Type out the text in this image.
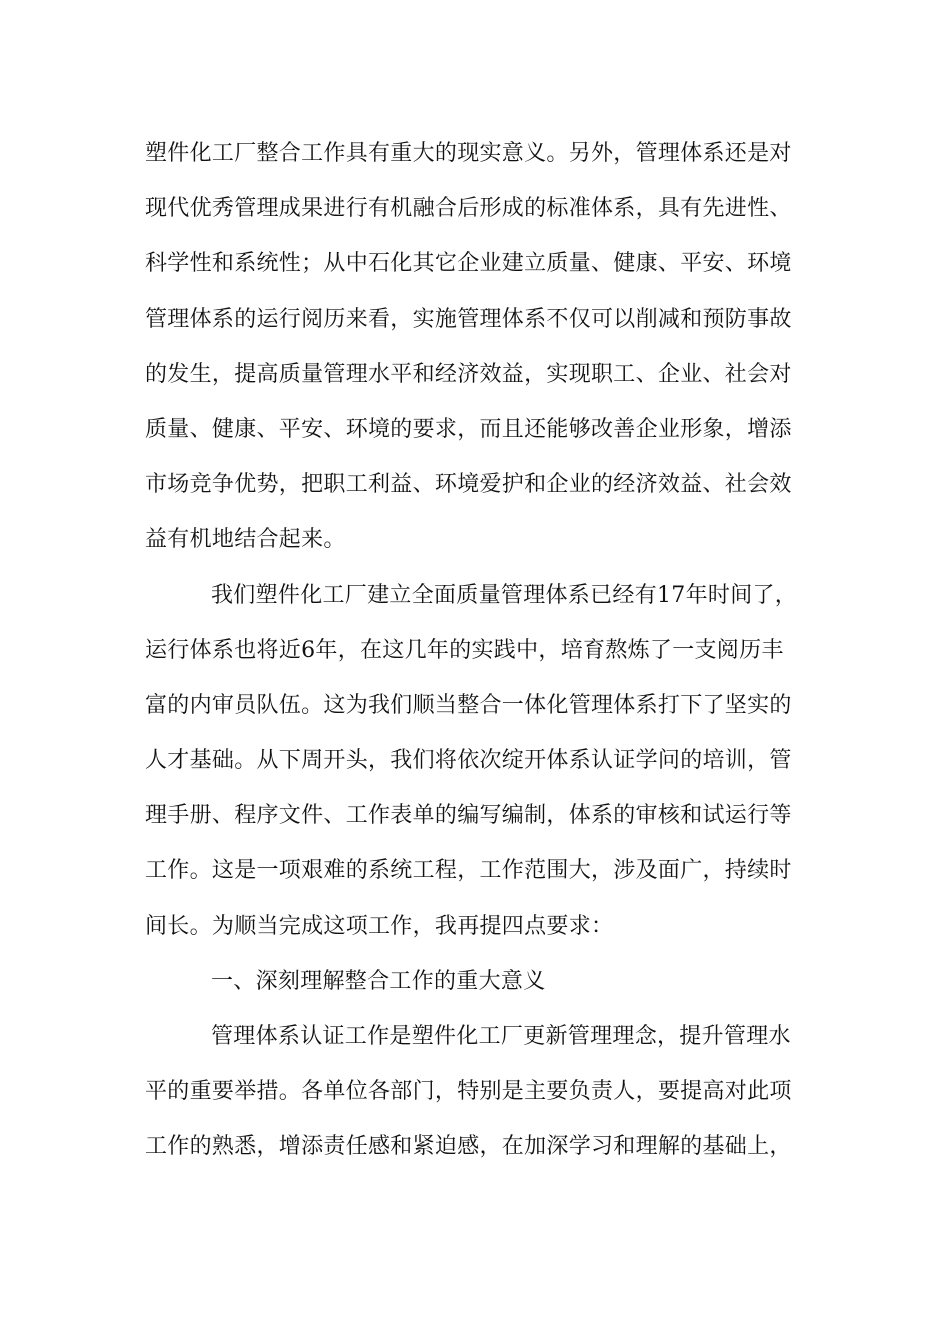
塑件化工厂整合工作具有重大的现实意义。另外，管理体系还是对
现代优秀管理成果进行有机融合后形成的标准体系，具有先进性、
科学性和系统性；从中石化其它企业建立质量、健康、平安、环境
管理体系的运行阅历来看，实施管理体系不仅可以削减和预防事故
的发生，提高质量管理水平和经济效益，实现职工、企业、社会对
质量、健康、平安、环境的要求，而且还能够改善企业形象，增添
市场竞争优势，把职工利益、环境爱护和企业的经济效益、社会效
益有机地结合起来。
我们塑件化工厂建立全面质量管理体系已经有17年时间了，
运行体系也将近6年，在这几年的实践中，培育熬炼了一支阅历丰
富的内审员队伍。这为我们顺当整合一体化管理体系打下了坚实的
人才基础。从下周开头，我们将依次绽开体系认证学问的培训，管
理手册、程序文件、工作表单的编写编制，体系的审核和试运行等
工作。这是一项艰难的系统工程，工作范围大，涉及面广，持续时
间长。为顺当完成这项工作，我再提四点要求：
一、深刻理解整合工作的重大意义
管理体系认证工作是塑件化工厂更新管理理念，提升管理水
平的重要举措。各单位各部门，特别是主要负责人，要提高对此项
工作的熟悉，增添责任感和紧迫感，在加深学习和理解的基础上，
